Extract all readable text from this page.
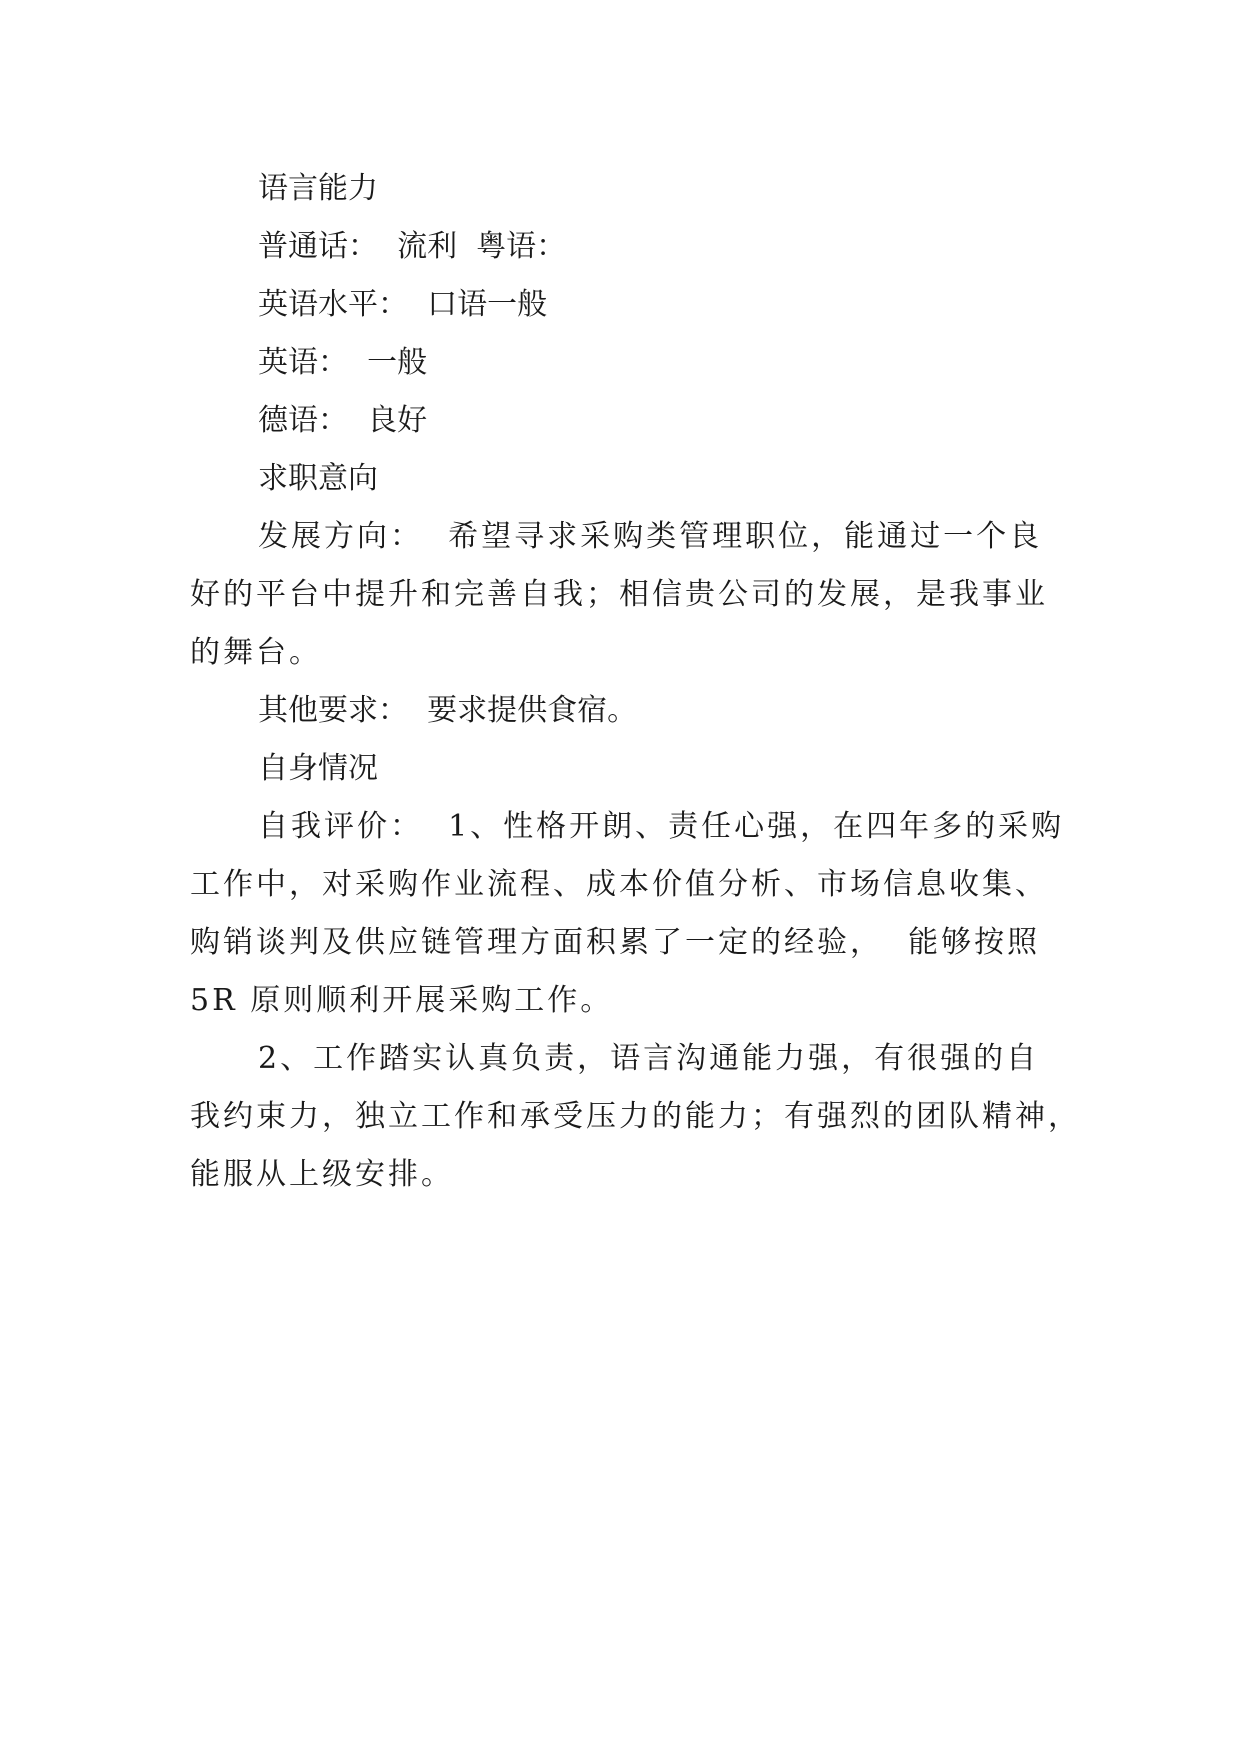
语言能力

普通话：  流利  粤语：

英语水平：  口语一般

英语：  一般

德语：  良好

求职意向

发展方向：  希望寻求采购类管理职位，能通过一个良
好的平台中提升和完善自我；相信贵公司的发展，是我事业
的舞台。

其他要求：  要求提供食宿。

自身情况

自我评价：  1、性格开朗、责任心强，在四年多的采购
工作中，对采购作业流程、成本价值分析、市场信息收集、
购销谈判及供应链管理方面积累了一定的经验，  能够按照
5R 原则顺利开展采购工作。
2、工作踏实认真负责，语言沟通能力强，有很强的自
我约束力，独立工作和承受压力的能力；有强烈的团队精神，
能服从上级安排。
